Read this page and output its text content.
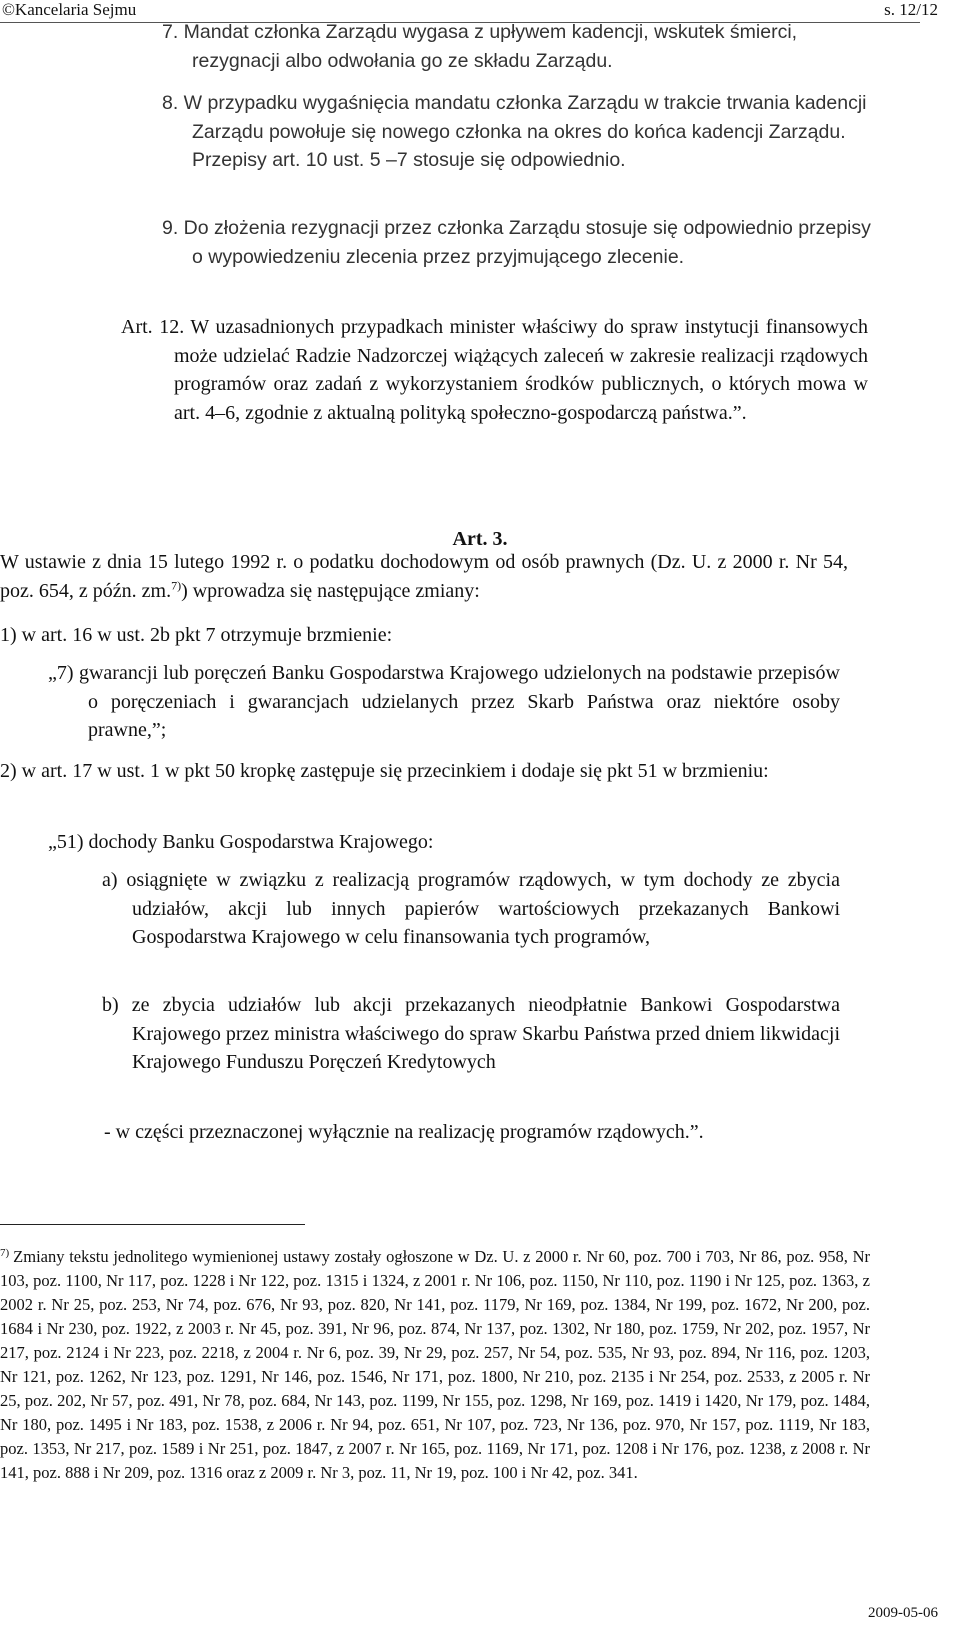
©Kancelaria Sejmu	s. 12/12
7. Mandat członka Zarządu wygasa z upływem kadencji, wskutek śmierci, rezygnacji albo odwołania go ze składu Zarządu.
8. W przypadku wygaśnięcia mandatu członka Zarządu w trakcie trwania kadencji Zarządu powołuje się nowego członka na okres do końca kadencji Zarządu. Przepisy art. 10 ust. 5 –7 stosuje się odpowiednio.
9. Do złożenia rezygnacji przez członka Zarządu stosuje się odpowiednio przepisy o wypowiedzeniu zlecenia przez przyjmującego zlecenie.
Art. 12. W uzasadnionych przypadkach minister właściwy do spraw instytucji finansowych może udzielać Radzie Nadzorczej wiążących zaleceń w zakresie realizacji rządowych programów oraz zadań z wykorzystaniem środków publicznych, o których mowa w art. 4–6, zgodnie z aktualną polityką społeczno-gospodarczą państwa.”.
Art. 3.
W ustawie z dnia 15 lutego 1992 r. o podatku dochodowym od osób prawnych (Dz. U. z 2000 r. Nr 54, poz. 654, z późn. zm.$^{7)}$) wprowadza się następujące zmiany:
1) w art. 16 w ust. 2b pkt 7 otrzymuje brzmienie:
„7) gwarancji lub poręczeń Banku Gospodarstwa Krajowego udzielonych na podstawie przepisów o poręczeniach i gwarancjach udzielanych przez Skarb Państwa oraz niektóre osoby prawne,”;
2) w art. 17 w ust. 1 w pkt 50 kropkę zastępuje się przecinkiem i dodaje się pkt 51 w brzmieniu:
„51) dochody Banku Gospodarstwa Krajowego:
a) osiągnięte w związku z realizacją programów rządowych, w tym dochody ze zbycia udziałów, akcji lub innych papierów wartościowych przekazanych Bankowi Gospodarstwa Krajowego w celu finansowania tych programów,
b) ze zbycia udziałów lub akcji przekazanych nieodpłatnie Bankowi Gospodarstwa Krajowego przez ministra właściwego do spraw Skarbu Państwa przed dniem likwidacji Krajowego Funduszu Poręczeń Kredytowych
- w części przeznaczonej wyłącznie na realizację programów rządowych.”.
$^{7)}$ Zmiany tekstu jednolitego wymienionej ustawy zostały ogłoszone w Dz. U. z 2000 r. Nr 60, poz. 700 i 703, Nr 86, poz. 958, Nr 103, poz. 1100, Nr 117, poz. 1228 i Nr 122, poz. 1315 i 1324, z 2001 r. Nr 106, poz. 1150, Nr 110, poz. 1190 i Nr 125, poz. 1363, z 2002 r. Nr 25, poz. 253, Nr 74, poz. 676, Nr 93, poz. 820, Nr 141, poz. 1179, Nr 169, poz. 1384, Nr 199, poz. 1672, Nr 200, poz. 1684 i Nr 230, poz. 1922, z 2003 r. Nr 45, poz. 391, Nr 96, poz. 874, Nr 137, poz. 1302, Nr 180, poz. 1759, Nr 202, poz. 1957, Nr 217, poz. 2124 i Nr 223, poz. 2218, z 2004 r. Nr 6, poz. 39, Nr 29, poz. 257, Nr 54, poz. 535, Nr 93, poz. 894, Nr 116, poz. 1203, Nr 121, poz. 1262, Nr 123, poz. 1291, Nr 146, poz. 1546, Nr 171, poz. 1800, Nr 210, poz. 2135 i Nr 254, poz. 2533, z 2005 r. Nr 25, poz. 202, Nr 57, poz. 491, Nr 78, poz. 684, Nr 143, poz. 1199, Nr 155, poz. 1298, Nr 169, poz. 1419 i 1420, Nr 179, poz. 1484, Nr 180, poz. 1495 i Nr 183, poz. 1538, z 2006 r. Nr 94, poz. 651, Nr 107, poz. 723, Nr 136, poz. 970, Nr 157, poz. 1119, Nr 183, poz. 1353, Nr 217, poz. 1589 i Nr 251, poz. 1847, z 2007 r. Nr 165, poz. 1169, Nr 171, poz. 1208 i Nr 176, poz. 1238, z 2008 r. Nr 141, poz. 888 i Nr 209, poz. 1316 oraz z 2009 r. Nr 3, poz. 11, Nr 19, poz. 100 i Nr 42, poz. 341.
2009-05-06
